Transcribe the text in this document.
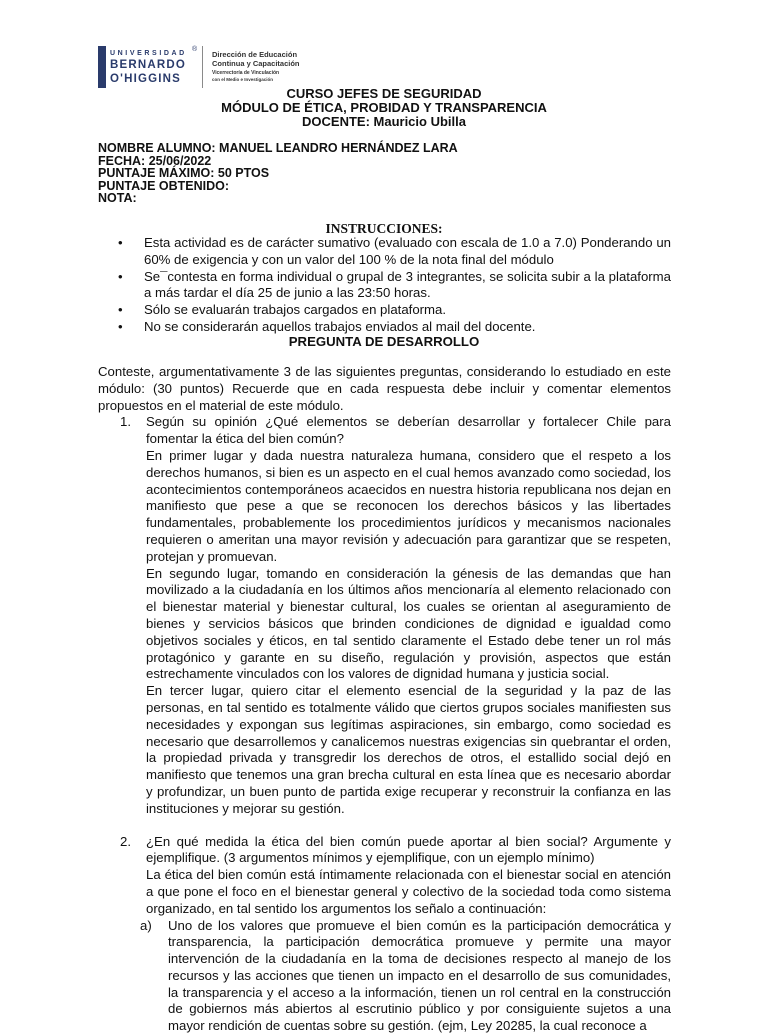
UNIVERSIDAD
BERNARDO
O'HIGGINS
®
Dirección de Educación
Continua y Capacitación
Vicerrectoría de Vinculación
con el Medio e Investigación
CURSO JEFES DE SEGURIDAD
MÓDULO DE ÉTICA, PROBIDAD Y TRANSPARENCIA
DOCENTE: Mauricio Ubilla
NOMBRE ALUMNO: MANUEL LEANDRO HERNÁNDEZ LARA
FECHA: 25/06/2022
PUNTAJE MÁXIMO: 50 PTOS
PUNTAJE OBTENIDO:
NOTA:
INSTRUCCIONES:
• Esta actividad es de carácter sumativo (evaluado con escala de 1.0 a 7.0) Ponderando un 60% de exigencia y con un valor del 100 % de la nota final del módulo
• Se¯contesta en forma individual o grupal de 3 integrantes, se solicita subir a la plataforma a más tardar el día 25 de junio a las 23:50 horas.
• Sólo se evaluarán trabajos cargados en plataforma.
• No se considerarán aquellos trabajos enviados al mail del docente.
PREGUNTA DE DESARROLLO
Conteste, argumentativamente 3 de las siguientes preguntas, considerando lo estudiado en este módulo: (30 puntos) Recuerde que en cada respuesta debe incluir y comentar elementos propuestos en el material de este módulo.
1. Según su opinión ¿Qué elementos se deberían desarrollar y fortalecer Chile para fomentar la ética del bien común?
En primer lugar y dada nuestra naturaleza humana, considero que el respeto a los derechos humanos, si bien es un aspecto en el cual hemos avanzado como sociedad, los acontecimientos contemporáneos acaecidos en nuestra historia republicana nos dejan en manifiesto que pese a que se reconocen los derechos básicos y las libertades fundamentales, probablemente los procedimientos jurídicos y mecanismos nacionales requieren o ameritan una mayor revisión y adecuación para garantizar que se respeten, protejan y promuevan.
En segundo lugar, tomando en consideración la génesis de las demandas que han movilizado a la ciudadanía en los últimos años mencionaría al elemento relacionado con el bienestar material y bienestar cultural, los cuales se orientan al aseguramiento de bienes y servicios básicos que brinden condiciones de dignidad e igualdad como objetivos sociales y éticos, en tal sentido claramente el Estado debe tener un rol más protagónico y garante en su diseño, regulación y provisión, aspectos que están estrechamente vinculados con los valores de dignidad humana y justicia social.
En tercer lugar, quiero citar el elemento esencial de la seguridad y la paz de las personas, en tal sentido es totalmente válido que ciertos grupos sociales manifiesten sus necesidades y expongan sus legítimas aspiraciones, sin embargo, como sociedad es necesario que desarrollemos y canalicemos nuestras exigencias sin quebrantar el orden, la propiedad privada y transgredir los derechos de otros, el estallido social dejó en manifiesto que tenemos una gran brecha cultural en esta línea que es necesario abordar y profundizar, un buen punto de partida exige recuperar y reconstruir la confianza en las instituciones y mejorar su gestión.
2. ¿En qué medida la ética del bien común puede aportar al bien social? Argumente y ejemplifique. (3 argumentos mínimos y ejemplifique, con un ejemplo mínimo)
La ética del bien común está íntimamente relacionada con el bienestar social en atención a que pone el foco en el bienestar general y colectivo de la sociedad toda como sistema organizado, en tal sentido los argumentos los señalo a continuación:
a) Uno de los valores que promueve el bien común es la participación democrática y transparencia, la participación democrática promueve y permite una mayor intervención de la ciudadanía en la toma de decisiones respecto al manejo de los recursos y las acciones que tienen un impacto en el desarrollo de sus comunidades, la transparencia y el acceso a la información, tienen un rol central en la construcción de gobiernos más abiertos al escrutinio público y por consiguiente sujetos a una mayor rendición de cuentas sobre su gestión. (ejm, Ley 20285, la cual reconoce a
